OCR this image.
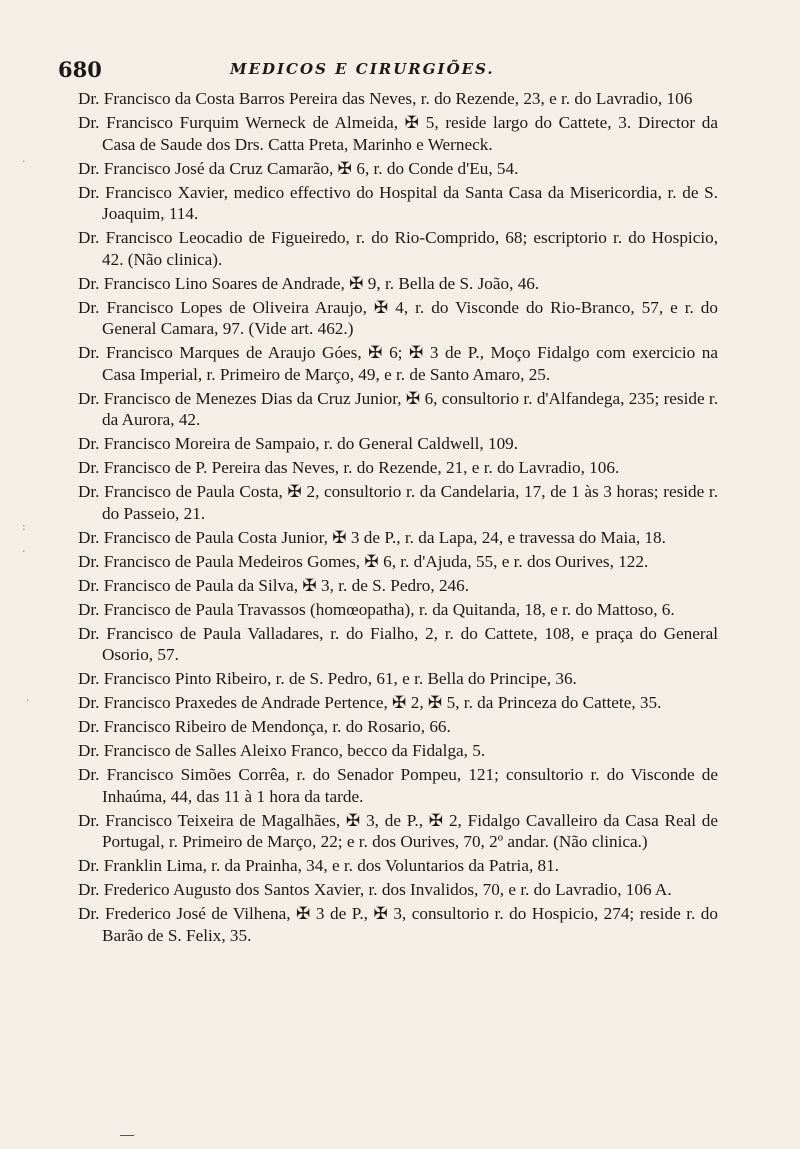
680	MEDICOS E CIRURGIÕES.
·
:
·
·

Dr. Francisco da Costa Barros Pereira das Neves, r. do Rezende, 23, e r. do Lavradio, 106

Dr. Francisco Furquim Werneck de Almeida, ✠ 5, reside largo do Cattete, 3. Director da Casa de Saude dos Drs. Catta Preta, Marinho e Werneck.

Dr. Francisco José da Cruz Camarão, ✠ 6, r. do Conde d'Eu, 54.

Dr. Francisco Xavier, medico effectivo do Hospital da Santa Casa da Misericordia, r. de S. Joaquim, 114.

Dr. Francisco Leocadio de Figueiredo, r. do Rio-Comprido, 68; escriptorio r. do Hospicio, 42. (Não clinica).

Dr. Francisco Lino Soares de Andrade, ✠ 9, r. Bella de S. João, 46.

Dr. Francisco Lopes de Oliveira Araujo, ✠ 4, r. do Visconde do Rio-Branco, 57, e r. do General Camara, 97. (Vide art. 462.)

Dr. Francisco Marques de Araujo Góes, ✠ 6; ✠ 3 de P., Moço Fidalgo com exercicio na Casa Imperial, r. Primeiro de Março, 49, e r. de Santo Amaro, 25.

Dr. Francisco de Menezes Dias da Cruz Junior, ✠ 6, consultorio r. d'Alfandega, 235; reside r. da Aurora, 42.

Dr. Francisco Moreira de Sampaio, r. do General Caldwell, 109.

Dr. Francisco de P. Pereira das Neves, r. do Rezende, 21, e r. do Lavradio, 106.

Dr. Francisco de Paula Costa, ✠ 2, consultorio r. da Candelaria, 17, de 1 às 3 horas; reside r. do Passeio, 21.

Dr. Francisco de Paula Costa Junior, ✠ 3 de P., r. da Lapa, 24, e travessa do Maia, 18.

Dr. Francisco de Paula Medeiros Gomes, ✠ 6, r. d'Ajuda, 55, e r. dos Ourives, 122.

Dr. Francisco de Paula da Silva, ✠ 3, r. de S. Pedro, 246.

Dr. Francisco de Paula Travassos (homœopatha), r. da Quitanda, 18, e r. do Mattoso, 6.

Dr. Francisco de Paula Valladares, r. do Fialho, 2, r. do Cattete, 108, e praça do General Osorio, 57.

Dr. Francisco Pinto Ribeiro, r. de S. Pedro, 61, e r. Bella do Principe, 36.

Dr. Francisco Praxedes de Andrade Pertence, ✠ 2, ✠ 5, r. da Princeza do Cattete, 35.

Dr. Francisco Ribeiro de Mendonça, r. do Rosario, 66.

Dr. Francisco de Salles Aleixo Franco, becco da Fidalga, 5.

Dr. Francisco Simões Corrêa, r. do Senador Pompeu, 121; consultorio r. do Visconde de Inhaúma, 44, das 11 à 1 hora da tarde.

Dr. Francisco Teixeira de Magalhães, ✠ 3, de P., ✠ 2, Fidalgo Cavalleiro da Casa Real de Portugal, r. Primeiro de Março, 22; e r. dos Ourives, 70, 2º andar. (Não clinica.)

Dr. Franklin Lima, r. da Prainha, 34, e r. dos Voluntarios da Patria, 81.

Dr. Frederico Augusto dos Santos Xavier, r. dos Invalidos, 70, e r. do Lavradio, 106 A.

Dr. Frederico José de Vilhena, ✠ 3 de P., ✠ 3, consultorio r. do Hospicio, 274; reside r. do Barão de S. Felix, 35.
